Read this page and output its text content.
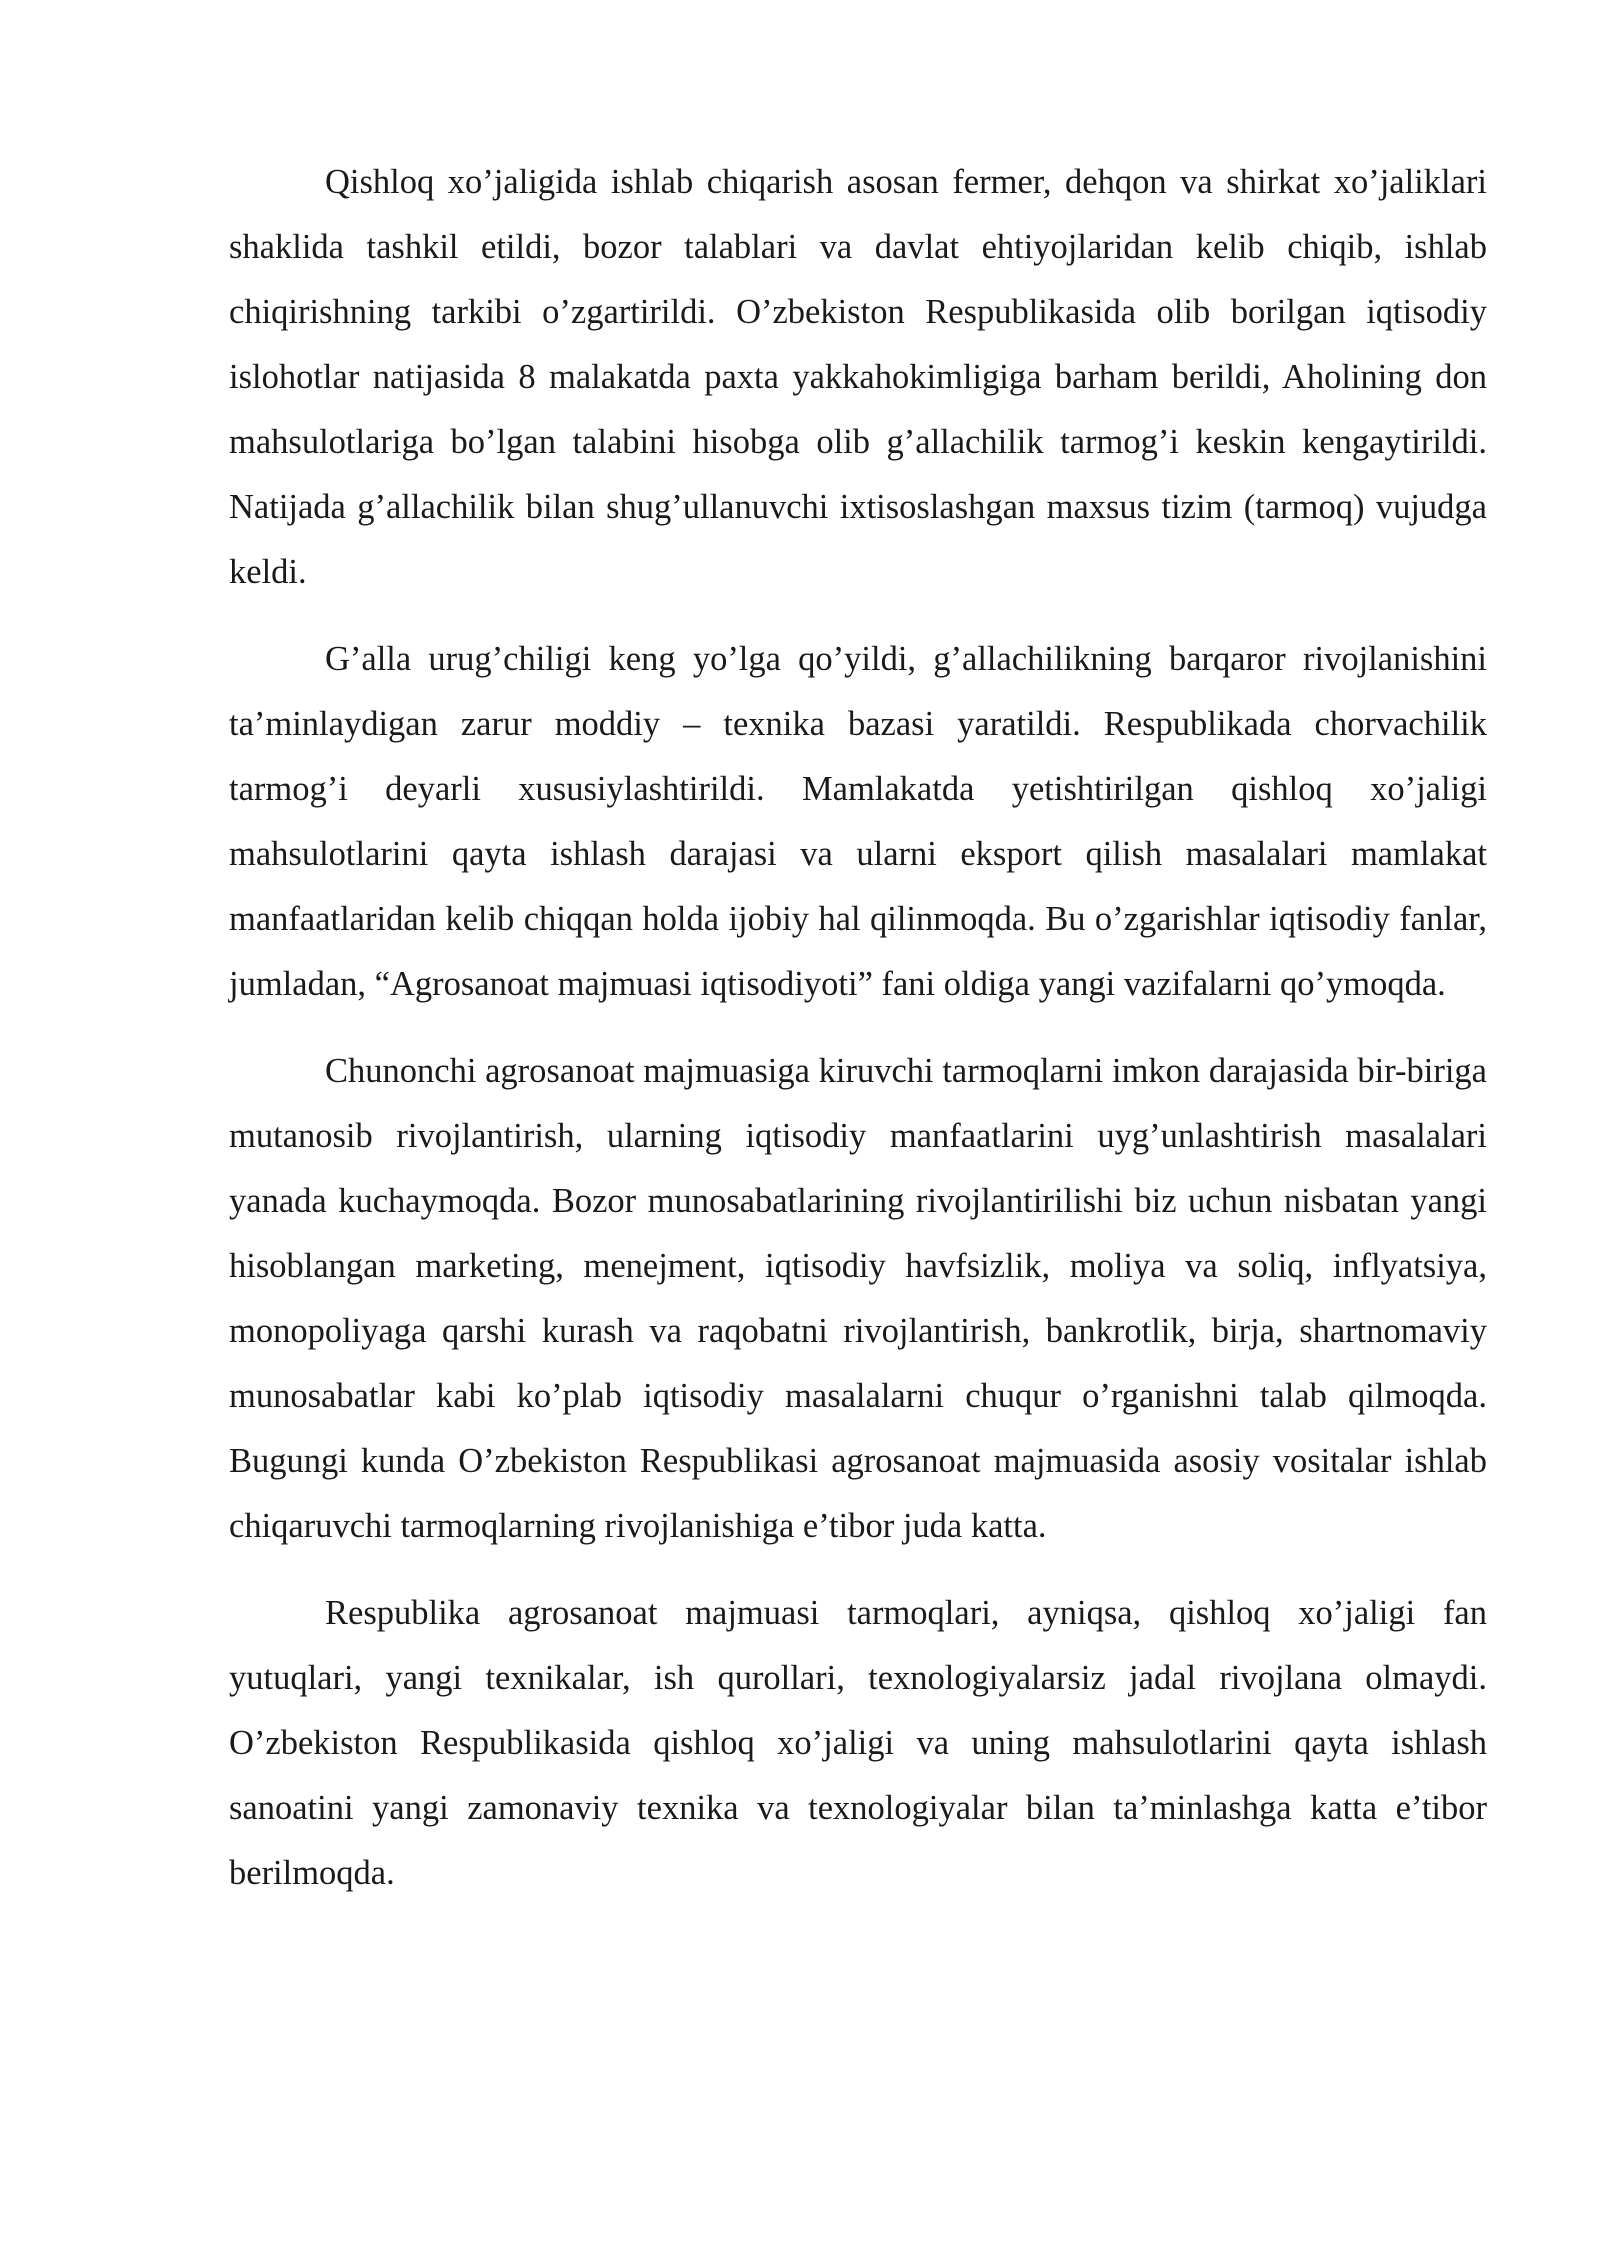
Qishloq xo’jaligida ishlab chiqarish asosan fermer, dehqon va shirkat xo’jaliklari shaklida tashkil etildi, bozor talablari va davlat ehtiyojlaridan kelib chiqib, ishlab chiqirishning tarkibi o’zgartirildi. O’zbekiston Respublikasida olib borilgan iqtisodiy islohotlar natijasida 8 malakatda paxta yakkahokimligiga barham berildi, Aholining don mahsulotlariga bo’lgan talabini hisobga olib g’allachilik tarmog’i keskin kengaytirildi. Natijada g’allachilik bilan shug’ullanuvchi ixtisoslashgan maxsus tizim (tarmoq) vujudga keldi.

G’alla urug’chiligi keng yo’lga qo’yildi, g’allachilikning barqaror rivojlanishini ta’minlaydigan zarur moddiy – texnika bazasi yaratildi. Respublikada chorvachilik tarmog’i deyarli xususiylashtirildi. Mamlakatda yetishtirilgan qishloq xo’jaligi mahsulotlarini qayta ishlash darajasi va ularni eksport qilish masalalari mamlakat manfaatlaridan kelib chiqqan holda ijobiy hal qilinmoqda. Bu o’zgarishlar iqtisodiy fanlar, jumladan, “Agrosanoat majmuasi iqtisodiyoti” fani oldiga yangi vazifalarni qo’ymoqda.

Chunonchi agrosanoat majmuasiga kiruvchi tarmoqlarni imkon darajasida bir-biriga mutanosib rivojlantirish, ularning iqtisodiy manfaatlarini uyg’unlashtirish masalalari yanada kuchaymoqda. Bozor munosabatlarining rivojlantirilishi biz uchun nisbatan yangi hisoblangan marketing, menejment, iqtisodiy havfsizlik, moliya va soliq, inflyatsiya, monopoliyaga qarshi kurash va raqobatni rivojlantirish, bankrotlik, birja, shartnomaviy munosabatlar kabi ko’plab iqtisodiy masalalarni chuqur o’rganishni talab qilmoqda. Bugungi kunda O’zbekiston Respublikasi agrosanoat majmuasida asosiy vositalar ishlab chiqaruvchi tarmoqlarning rivojlanishiga e’tibor juda katta.

Respublika agrosanoat majmuasi tarmoqlari, ayniqsa, qishloq xo’jaligi fan yutuqlari, yangi texnikalar, ish qurollari, texnologiyalarsiz jadal rivojlana olmaydi. O’zbekiston Respublikasida qishloq xo’jaligi va uning mahsulotlarini qayta ishlash sanoatini yangi zamonaviy texnika va texnologiyalar bilan ta’minlashga katta e’tibor berilmoqda.
